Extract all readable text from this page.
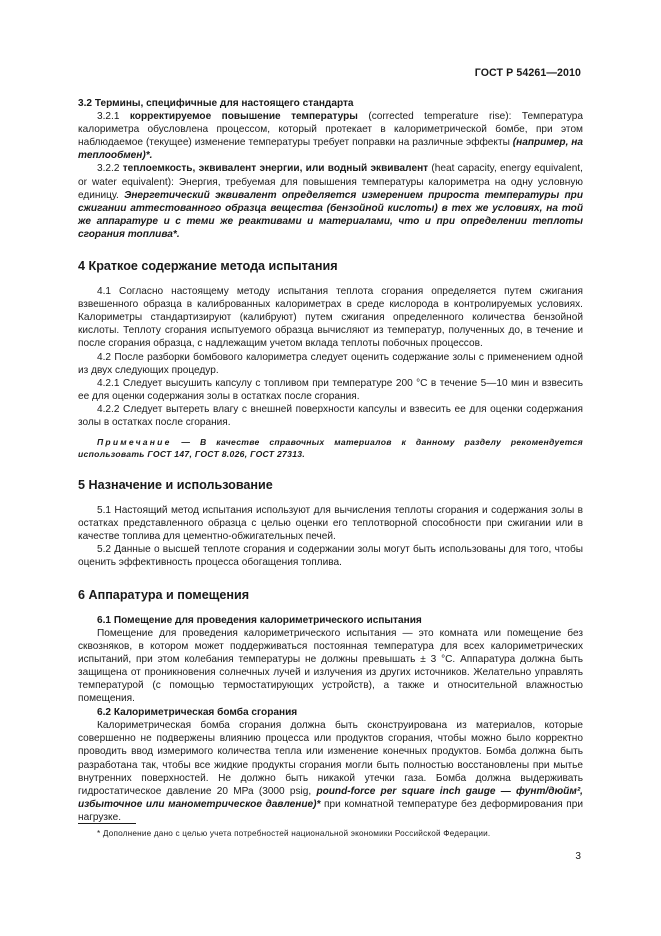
ГОСТ Р 54261—2010

3.2 Термины, специфичные для настоящего стандарта

3.2.1 корректируемое повышение температуры (corrected temperature rise): Температура калориметра обусловлена процессом, который протекает в калориметрической бомбе, при этом наблюдаемое (текущее) изменение температуры требует поправки на различные эффекты (например, на теплообмен)*.

3.2.2 теплоемкость, эквивалент энергии, или водный эквивалент (heat capacity, energy equivalent, or water equivalent): Энергия, требуемая для повышения температуры калориметра на одну условную единицу. Энергетический эквивалент определяется измерением прироста температуры при сжигании аттестованного образца вещества (бензойной кислоты) в тех же условиях, на той же аппаратуре и с теми же реактивами и материалами, что и при определении теплоты сгорания топлива*.

4 Краткое содержание метода испытания

4.1 Согласно настоящему методу испытания теплота сгорания определяется путем сжигания взвешенного образца в калиброванных калориметрах в среде кислорода в контролируемых условиях. Калориметры стандартизируют (калибруют) путем сжигания определенного количества бензойной кислоты. Теплоту сгорания испытуемого образца вычисляют из температур, полученных до, в течение и после сгорания образца, с надлежащим учетом вклада теплоты побочных процессов.

4.2 После разборки бомбового калориметра следует оценить содержание золы с применением одной из двух следующих процедур.

4.2.1 Следует высушить капсулу с топливом при температуре 200 °С в течение 5—10 мин и взвесить ее для оценки содержания золы в остатках после сгорания.

4.2.2 Следует вытереть влагу с внешней поверхности капсулы и взвесить ее для оценки содержания золы в остатках после сгорания.

Примечание — В качестве справочных материалов к данному разделу рекомендуется использовать ГОСТ 147, ГОСТ 8.026, ГОСТ 27313.

5 Назначение и использование

5.1 Настоящий метод испытания используют для вычисления теплоты сгорания и содержания золы в остатках представленного образца с целью оценки его теплотворной способности при сжигании или в качестве топлива для цементно-обжигательных печей.

5.2 Данные о высшей теплоте сгорания и содержании золы могут быть использованы для того, чтобы оценить эффективность процесса обогащения топлива.

6 Аппаратура и помещения

6.1 Помещение для проведения калориметрического испытания

Помещение для проведения калориметрического испытания — это комната или помещение без сквозняков, в котором может поддерживаться постоянная температура для всех калориметрических испытаний, при этом колебания температуры не должны превышать ± 3 °С. Аппаратура должна быть защищена от проникновения солнечных лучей и излучения из других источников. Желательно управлять температурой (с помощью термостатирующих устройств), а также и относительной влажностью помещения.

6.2 Калориметрическая бомба сгорания

Калориметрическая бомба сгорания должна быть сконструирована из материалов, которые совершенно не подвержены влиянию процесса или продуктов сгорания, чтобы можно было корректно проводить ввод измеримого количества тепла или изменение конечных продуктов. Бомба должна быть разработана так, чтобы все жидкие продукты сгорания могли быть полностью восстановлены при мытье внутренних поверхностей. Не должно быть никакой утечки газа. Бомба должна выдерживать гидростатическое давление 20 МРа (3000 psig, pound-force per square inch gauge — фунт/дюйм², избыточное или манометрическое давление)* при комнатной температуре без деформирования при нагрузке.

* Дополнение дано с целью учета потребностей национальной экономики Российской Федерации.
3
